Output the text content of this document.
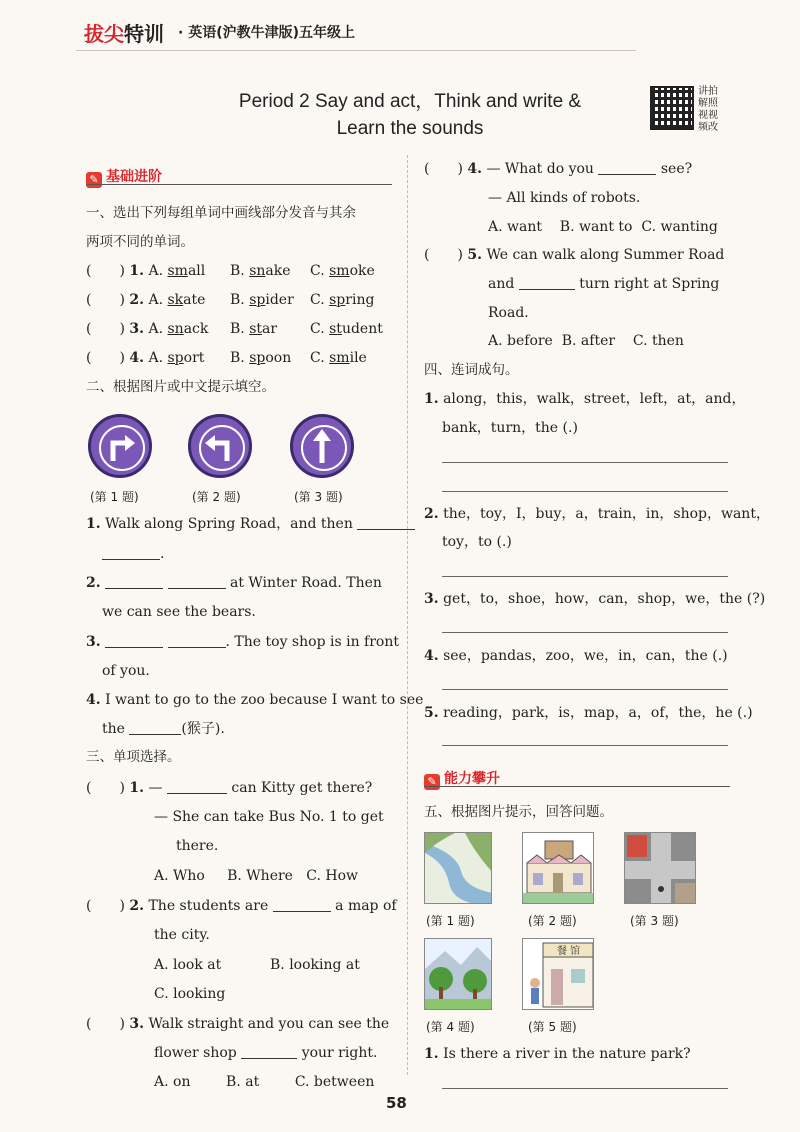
拔尖特训 · 英语(沪教牛津版)五年级上
Period 2 Say and act，Think and write &
Learn the sounds
讲拍
解照
视视
频改
✎ 基础进阶
一、选出下列每组单词中画线部分发音与其余
两项不同的单词。
( ) 1. A. small B. snake C. smoke
( ) 2. A. skate B. spider C. spring
( ) 3. A. snack B. star C. student
( ) 4. A. sport B. spoon C. smile
二、根据图片或中文提示填空。
(第 1 题)	(第 2 题)	(第 3 题)
1. Walk along Spring Road，and then
.
2.	at Winter Road. Then
we can see the bears.
3.	. The toy shop is in front
of you.
4. I want to go to the zoo because I want to see
the	(猴子).
三、单项选择。
( ) 1. —	can Kitty get there?
— She can take Bus No. 1 to get
there.
A. Who     B. Where   C. How
( ) 2. The students are	a map of
the city.
A. look at	B. looking at
C. looking
( ) 3. Walk straight and you can see the
flower shop	your right.
A. on        B. at        C. between
( ) 4. — What do you	see?
— All kinds of robots.
A. want    B. want to  C. wanting
( ) 5. We can walk along Summer Road
and	turn right at Spring
Road.
A. before  B. after    C. then
四、连词成句。
1. along，this，walk，street，left，at，and，
bank，turn，the (.)
2. the，toy，I，buy，a，train，in，shop，want，
toy，to (.)
3. get，to，shoe，how，can，shop，we，the (?)
4. see，pandas，zoo，we，in，can，the (.)
5. reading，park，is，map，a，of，the，he (.)
✎ 能力攀升
五、根据图片提示，回答问题。
(第 1 题)	(第 2 题)	(第 3 题)
餐 馆
(第 4 题)	(第 5 题)
1. Is there a river in the nature park?
58
